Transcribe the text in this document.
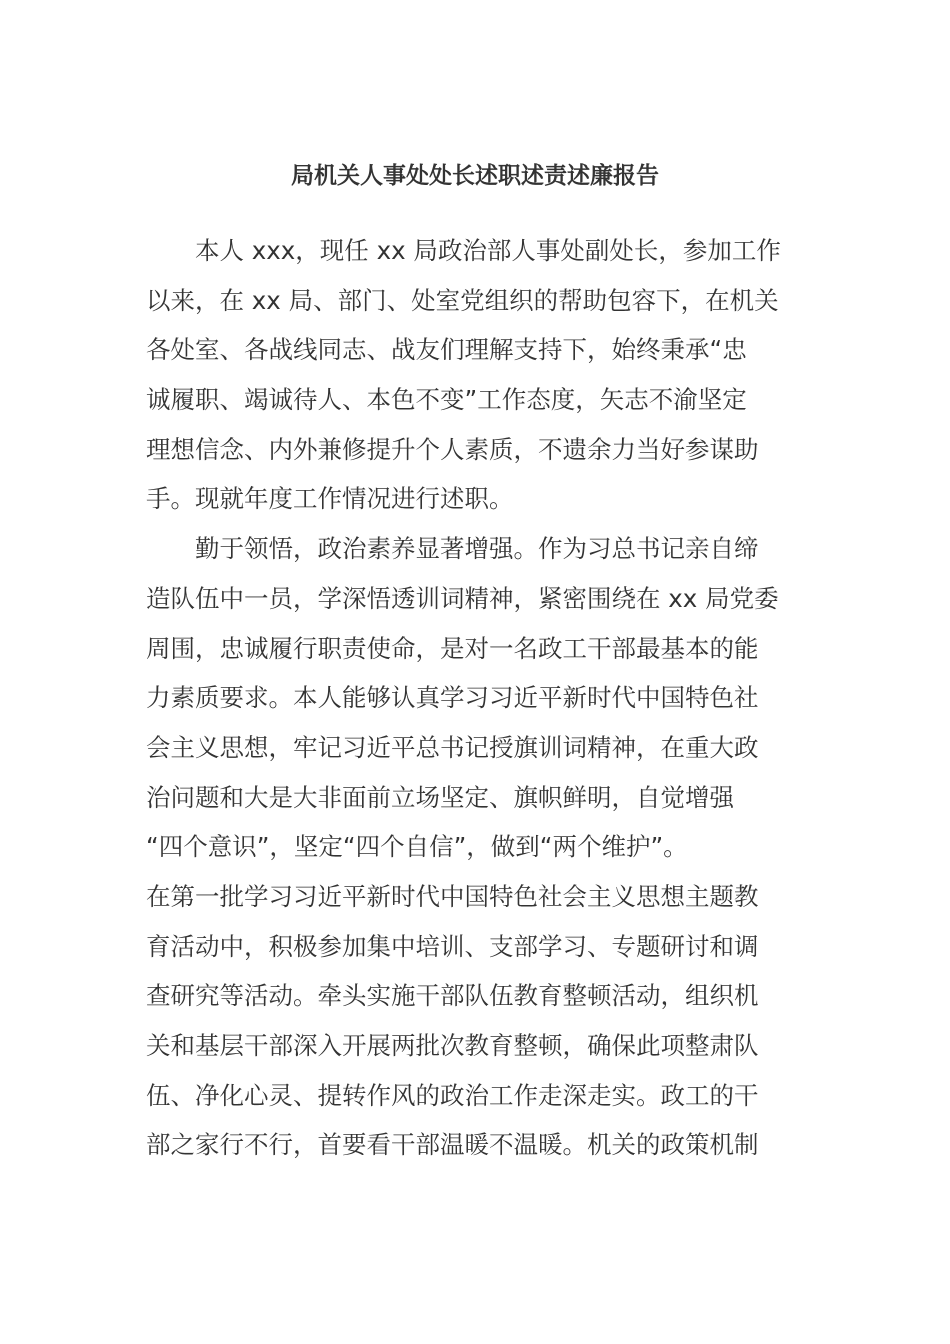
局机关人事处处长述职述责述廉报告
本人 xxx，现任 xx 局政治部人事处副处长，参加工作
以来，在 xx 局、部门、处室党组织的帮助包容下，在机关
各处室、各战线同志、战友们理解支持下，始终秉承“忠
诚履职、竭诚待人、本色不变”工作态度，矢志不渝坚定
理想信念、内外兼修提升个人素质，不遗余力当好参谋助
手。现就年度工作情况进行述职。
勤于领悟，政治素养显著增强。作为习总书记亲自缔
造队伍中一员，学深悟透训词精神，紧密围绕在 xx 局党委
周围，忠诚履行职责使命，是对一名政工干部最基本的能
力素质要求。本人能够认真学习习近平新时代中国特色社
会主义思想，牢记习近平总书记授旗训词精神，在重大政
治问题和大是大非面前立场坚定、旗帜鲜明，自觉增强
“四个意识”，坚定“四个自信”，做到“两个维护”。
在第一批学习习近平新时代中国特色社会主义思想主题教
育活动中，积极参加集中培训、支部学习、专题研讨和调
查研究等活动。牵头实施干部队伍教育整顿活动，组织机
关和基层干部深入开展两批次教育整顿，确保此项整肃队
伍、净化心灵、提转作风的政治工作走深走实。政工的干
部之家行不行，首要看干部温暖不温暖。机关的政策机制
